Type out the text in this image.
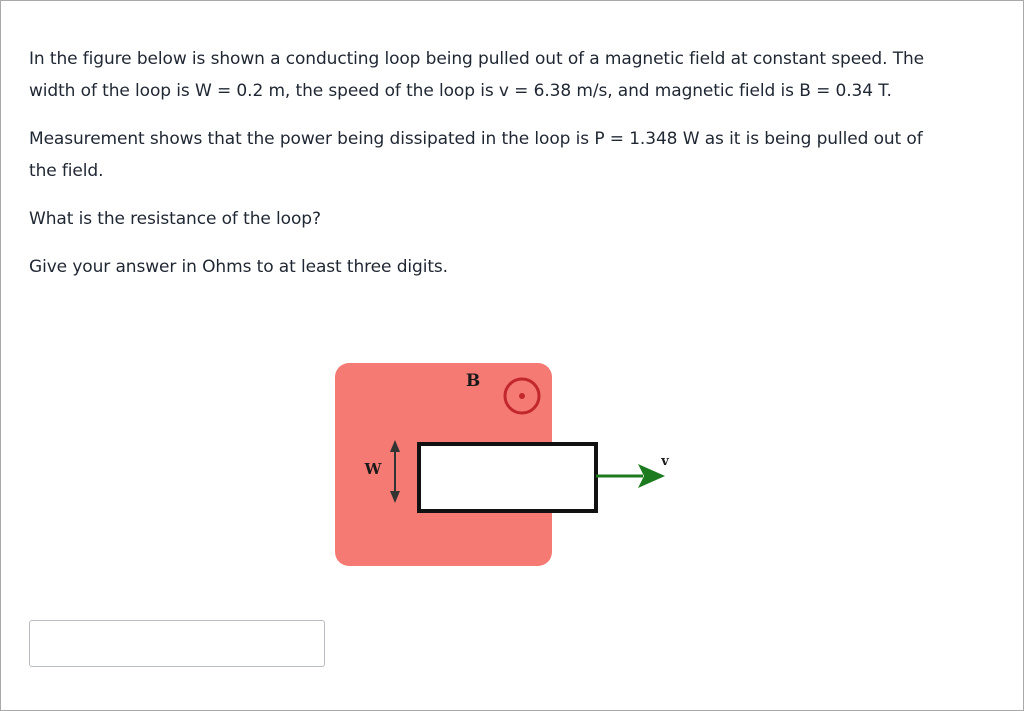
In the figure below is shown a conducting loop being pulled out of a magnetic field at constant speed. The
width of the loop is W = 0.2 m, the speed of the loop is v = 6.38 m/s, and magnetic field is B = 0.34 T.

Measurement shows that the power being dissipated in the loop is P = 1.348 W as it is being pulled out of
the field.

What is the resistance of the loop?

Give your answer in Ohms to at least three digits.

B
W	v
